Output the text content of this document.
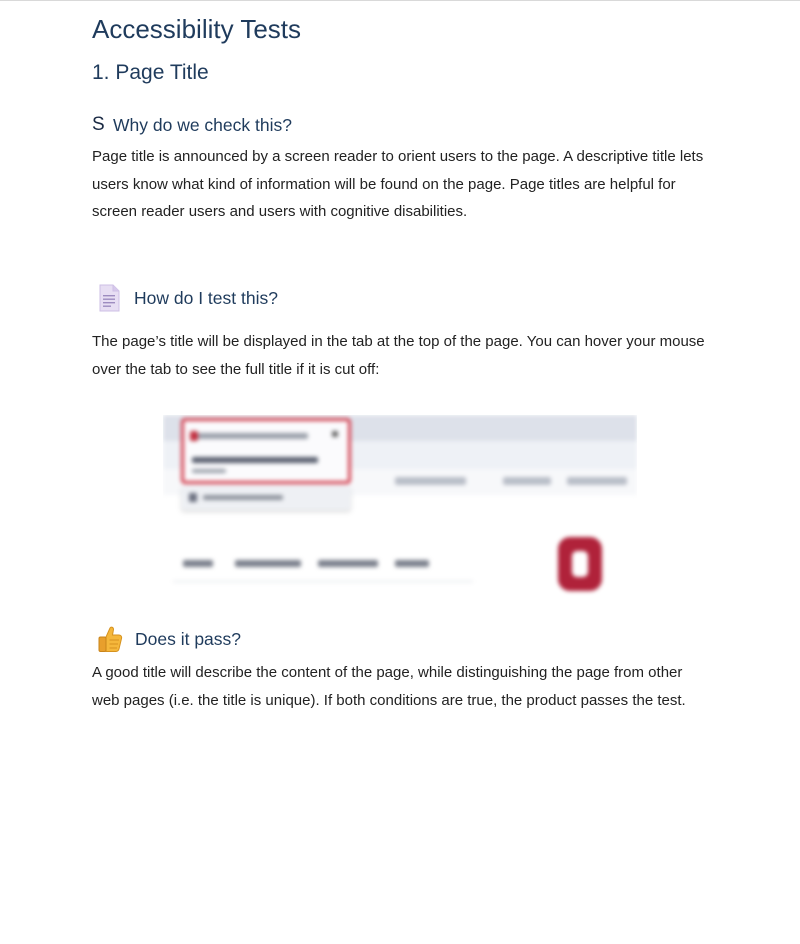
Accessibility Tests
1. Page Title
S Why do we check this?

Page title is announced by a screen reader to orient users to the page. A descriptive title lets users know what kind of information will be found on the page. Page titles are helpful for screen reader users and users with cognitive disabilities.

How do I test this?

The page’s title will be displayed in the tab at the top of the page. You can hover your mouse over the tab to see the full title if it is cut off:

Does it pass?

A good title will describe the content of the page, while distinguishing the page from other web pages (i.e. the title is unique). If both conditions are true, the product passes the test.
